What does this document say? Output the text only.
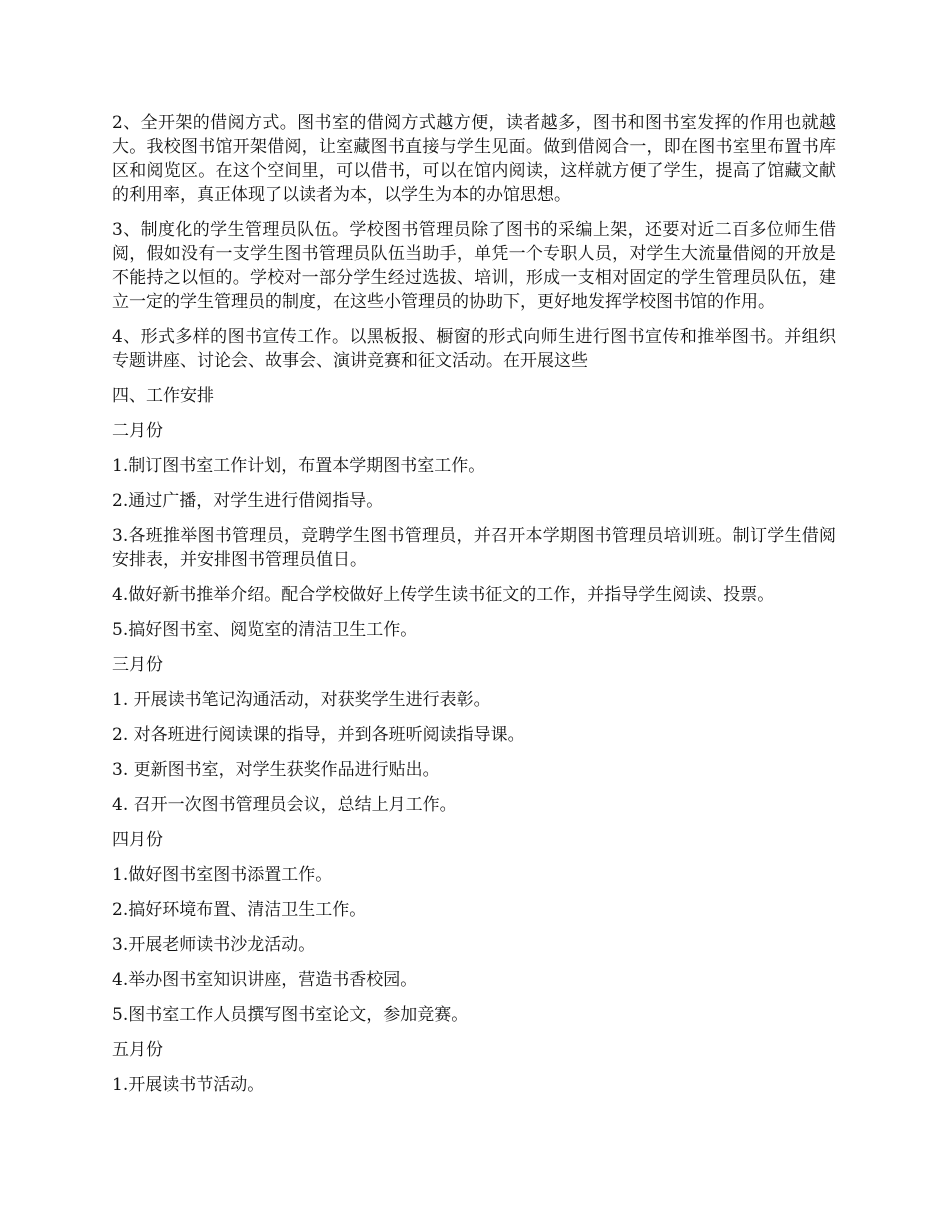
2、全开架的借阅方式。图书室的借阅方式越方便，读者越多，图书和图书室发挥的作用也就越大。我校图书馆开架借阅，让室藏图书直接与学生见面。做到借阅合一，即在图书室里布置书库区和阅览区。在这个空间里，可以借书，可以在馆内阅读，这样就方便了学生，提高了馆藏文献的利用率，真正体现了以读者为本，以学生为本的办馆思想。

3、制度化的学生管理员队伍。学校图书管理员除了图书的采编上架，还要对近二百多位师生借阅，假如没有一支学生图书管理员队伍当助手，单凭一个专职人员，对学生大流量借阅的开放是不能持之以恒的。学校对一部分学生经过选拔、培训，形成一支相对固定的学生管理员队伍，建立一定的学生管理员的制度，在这些小管理员的协助下，更好地发挥学校图书馆的作用。

4、形式多样的图书宣传工作。以黑板报、橱窗的形式向师生进行图书宣传和推举图书。并组织专题讲座、讨论会、故事会、演讲竞赛和征文活动。在开展这些

四、工作安排

二月份

1.制订图书室工作计划，布置本学期图书室工作。

2.通过广播，对学生进行借阅指导。

3.各班推举图书管理员，竞聘学生图书管理员，并召开本学期图书管理员培训班。制订学生借阅安排表，并安排图书管理员值日。

4.做好新书推举介绍。配合学校做好上传学生读书征文的工作，并指导学生阅读、投票。

5.搞好图书室、阅览室的清洁卫生工作。

三月份

1. 开展读书笔记沟通活动，对获奖学生进行表彰。

2. 对各班进行阅读课的指导，并到各班听阅读指导课。

3. 更新图书室，对学生获奖作品进行贴出。

4. 召开一次图书管理员会议，总结上月工作。

四月份

1.做好图书室图书添置工作。

2.搞好环境布置、清洁卫生工作。

3.开展老师读书沙龙活动。

4.举办图书室知识讲座，营造书香校园。

5.图书室工作人员撰写图书室论文，参加竞赛。

五月份

1.开展读书节活动。
